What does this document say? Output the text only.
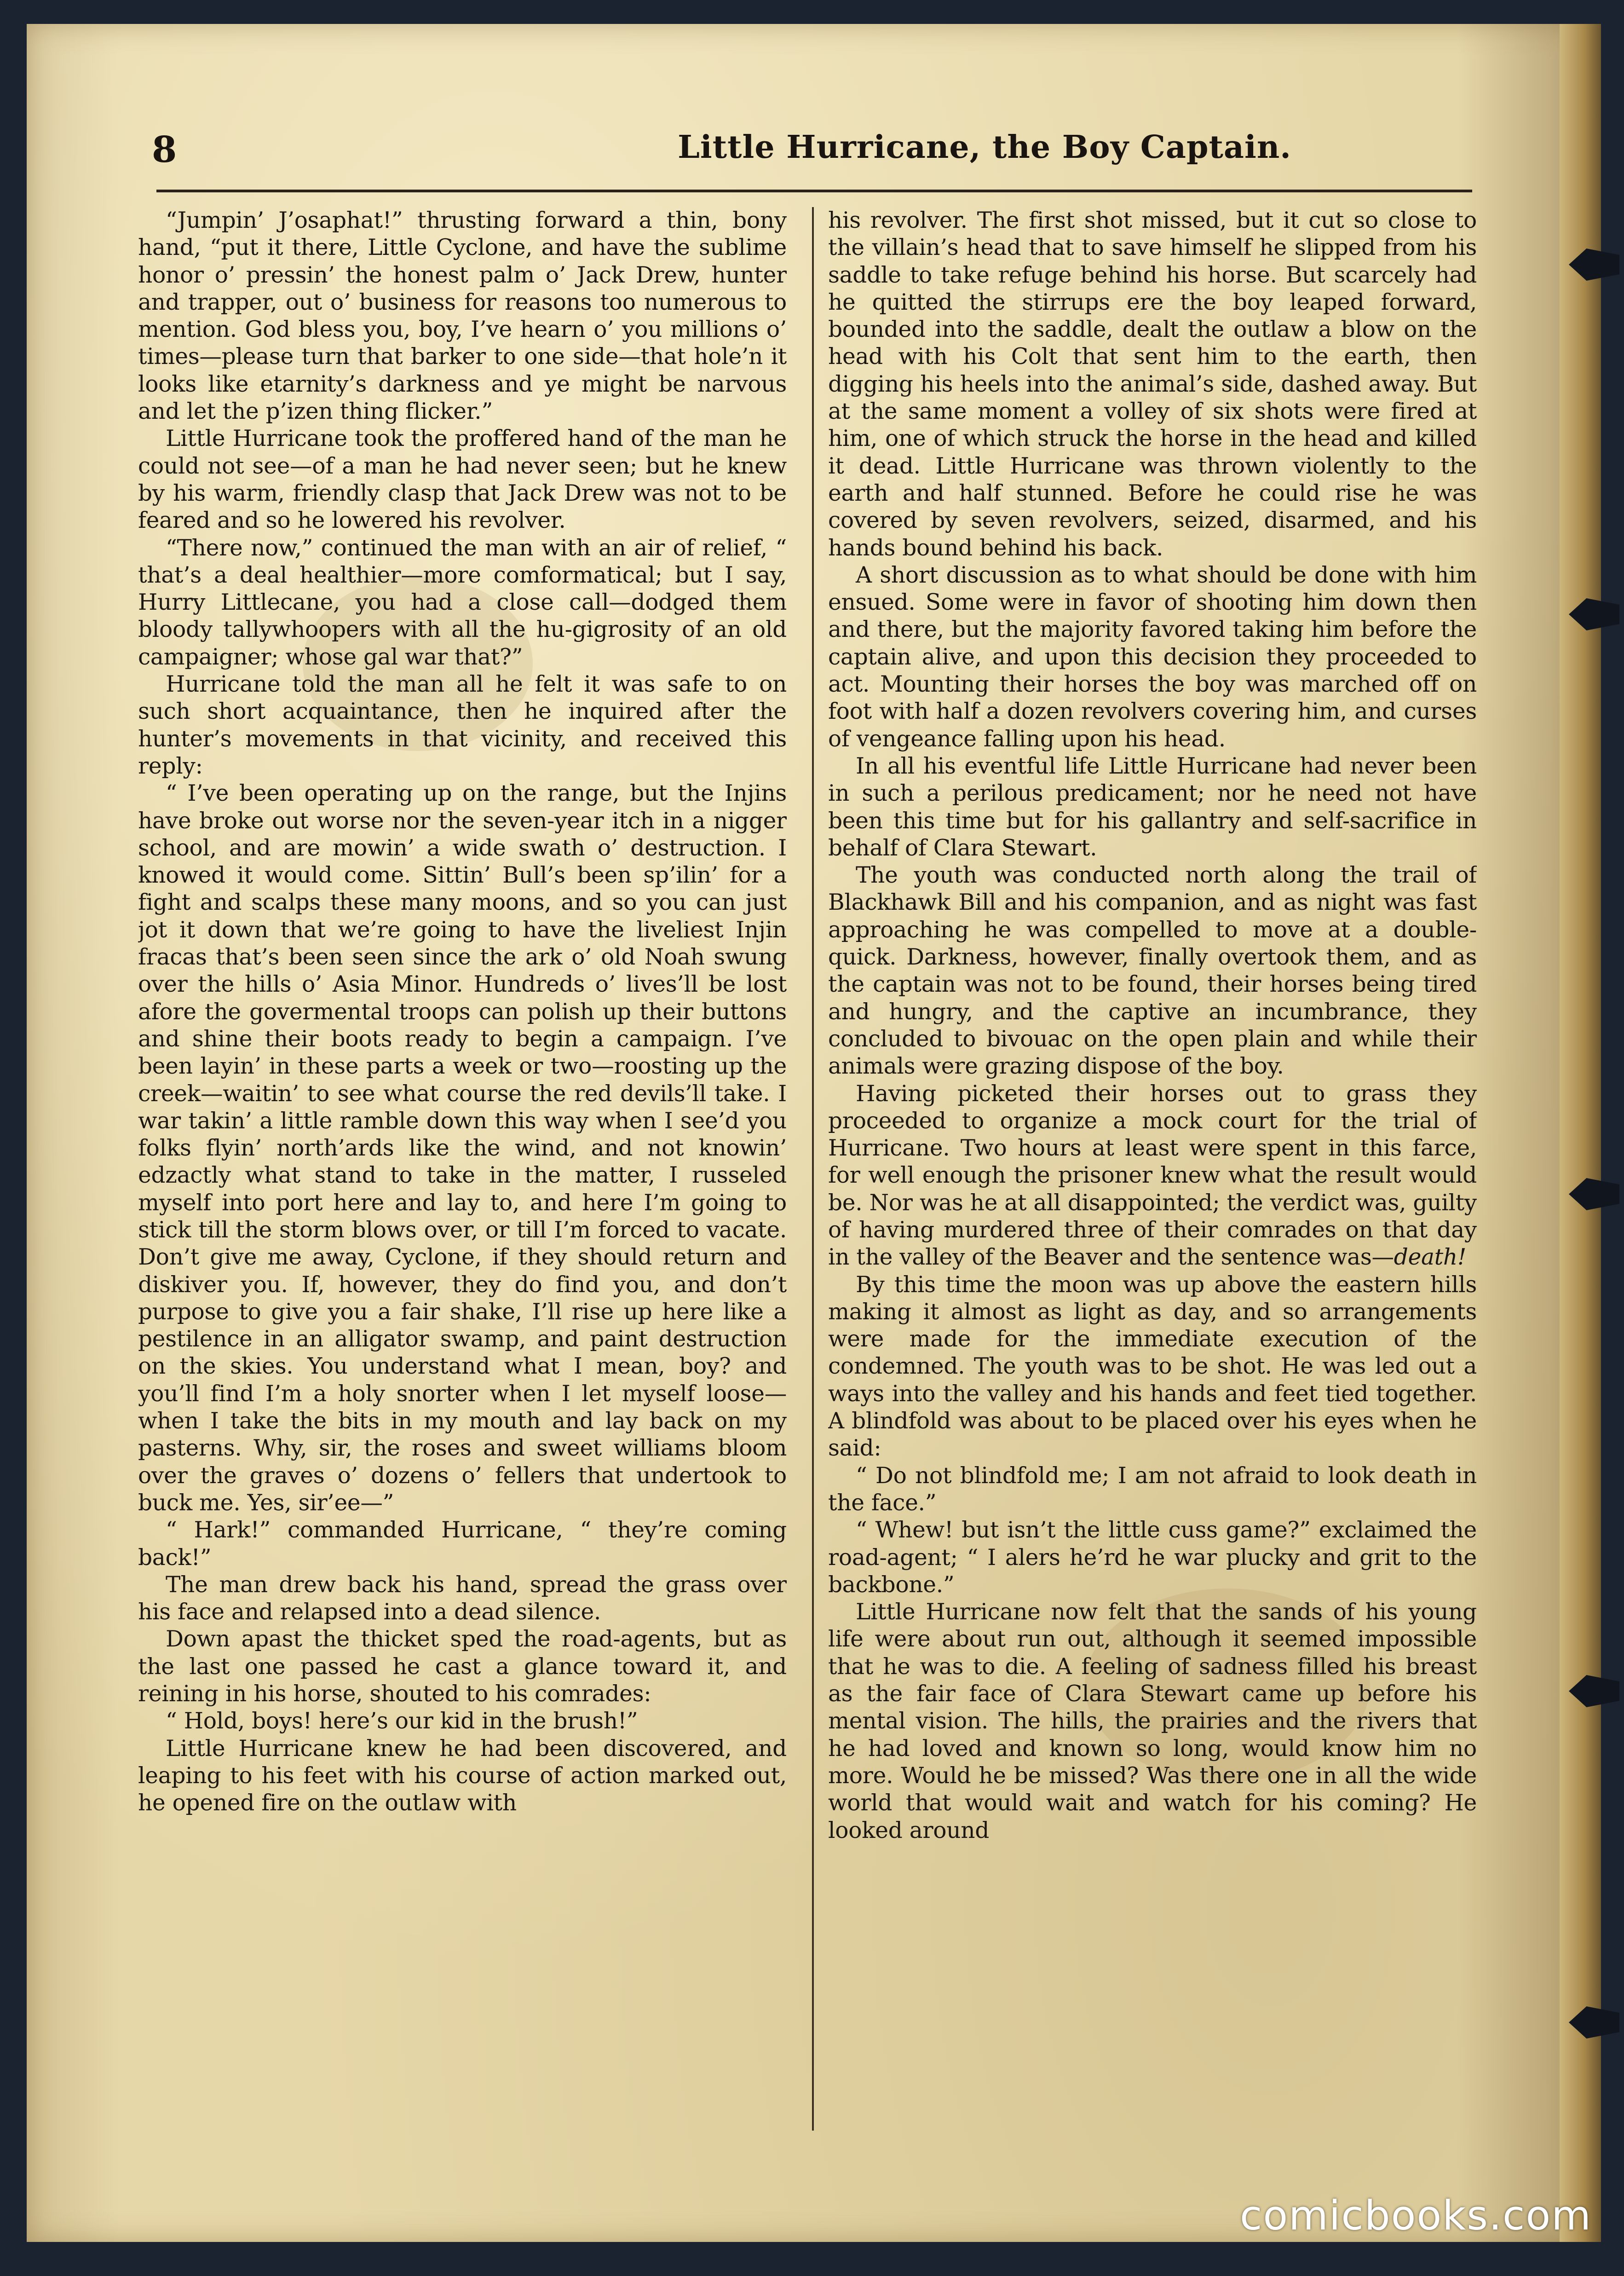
8	Little Hurricane, the Boy Captain.

“Jumpin’ J’osaphat!” thrusting forward a thin, bony hand, “put it there, Little Cyclone, and have the sublime honor o’ pressin’ the honest palm o’ Jack Drew, hunter and trapper, out o’ business for reasons too numerous to mention. God bless you, boy, I’ve hearn o’ you millions o’ times—please turn that barker to one side—that hole’n it looks like etarnity’s darkness and ye might be narvous and let the p’izen thing flicker.”

Little Hurricane took the proffered hand of the man he could not see—of a man he had never seen; but he knew by his warm, friendly clasp that Jack Drew was not to be feared and so he lowered his revolver.

“There now,” continued the man with an air of relief, “ that’s a deal healthier—more comformatical; but I say, Hurry Littlecane, you had a close call—dodged them bloody tallywhoopers with all the hu-gigrosity of an old campaigner; whose gal war that?”

Hurricane told the man all he felt it was safe to on such short acquaintance, then he inquired after the hunter’s movements in that vicinity, and received this reply:

“ I’ve been operating up on the range, but the Injins have broke out worse nor the seven-year itch in a nigger school, and are mowin’ a wide swath o’ destruction. I knowed it would come. Sittin’ Bull’s been sp’ilin’ for a fight and scalps these many moons, and so you can just jot it down that we’re going to have the liveliest Injin fracas that’s been seen since the ark o’ old Noah swung over the hills o’ Asia Minor. Hundreds o’ lives’ll be lost afore the govermental troops can polish up their buttons and shine their boots ready to begin a campaign. I’ve been layin’ in these parts a week or two—roosting up the creek—waitin’ to see what course the red devils’ll take. I war takin’ a little ramble down this way when I see’d you folks flyin’ north’ards like the wind, and not knowin’ edzactly what stand to take in the matter, I russeled myself into port here and lay to, and here I’m going to stick till the storm blows over, or till I’m forced to vacate. Don’t give me away, Cyclone, if they should return and diskiver you. If, however, they do find you, and don’t purpose to give you a fair shake, I’ll rise up here like a pestilence in an alligator swamp, and paint destruction on the skies. You understand what I mean, boy? and you’ll find I’m a holy snorter when I let myself loose—when I take the bits in my mouth and lay back on my pasterns. Why, sir, the roses and sweet williams bloom over the graves o’ dozens o’ fellers that undertook to buck me. Yes, sir’ee—”

“ Hark!” commanded Hurricane, “ they’re coming back!”

The man drew back his hand, spread the grass over his face and relapsed into a dead silence.

Down apast the thicket sped the road-agents, but as the last one passed he cast a glance toward it, and reining in his horse, shouted to his comrades:

“ Hold, boys! here’s our kid in the brush!”

Little Hurricane knew he had been discovered, and leaping to his feet with his course of action marked out, he opened fire on the outlaw with

his revolver. The first shot missed, but it cut so close to the villain’s head that to save himself he slipped from his saddle to take refuge behind his horse. But scarcely had he quitted the stirrups ere the boy leaped forward, bounded into the saddle, dealt the outlaw a blow on the head with his Colt that sent him to the earth, then digging his heels into the animal’s side, dashed away. But at the same moment a volley of six shots were fired at him, one of which struck the horse in the head and killed it dead. Little Hurricane was thrown violently to the earth and half stunned. Before he could rise he was covered by seven revolvers, seized, disarmed, and his hands bound behind his back.

A short discussion as to what should be done with him ensued. Some were in favor of shooting him down then and there, but the majority favored taking him before the captain alive, and upon this decision they proceeded to act. Mounting their horses the boy was marched off on foot with half a dozen revolvers covering him, and curses of vengeance falling upon his head.

In all his eventful life Little Hurricane had never been in such a perilous predicament; nor he need not have been this time but for his gallantry and self-sacrifice in behalf of Clara Stewart.

The youth was conducted north along the trail of Blackhawk Bill and his companion, and as night was fast approaching he was compelled to move at a double-quick. Darkness, however, finally overtook them, and as the captain was not to be found, their horses being tired and hungry, and the captive an incumbrance, they concluded to bivouac on the open plain and while their animals were grazing dispose of the boy.

Having picketed their horses out to grass they proceeded to organize a mock court for the trial of Hurricane. Two hours at least were spent in this farce, for well enough the prisoner knew what the result would be. Nor was he at all disappointed; the verdict was, guilty of having murdered three of their comrades on that day in the valley of the Beaver and the sentence was—death!

By this time the moon was up above the eastern hills making it almost as light as day, and so arrangements were made for the immediate execution of the condemned. The youth was to be shot. He was led out a ways into the valley and his hands and feet tied together. A blindfold was about to be placed over his eyes when he said:

“ Do not blindfold me; I am not afraid to look death in the face.”

“ Whew! but isn’t the little cuss game?” exclaimed the road-agent; “ I alers he’rd he war plucky and grit to the backbone.”

Little Hurricane now felt that the sands of his young life were about run out, although it seemed impossible that he was to die. A feeling of sadness filled his breast as the fair face of Clara Stewart came up before his mental vision. The hills, the prairies and the rivers that he had loved and known so long, would know him no more. Would he be missed? Was there one in all the wide world that would wait and watch for his coming? He looked around

comicbooks.com
